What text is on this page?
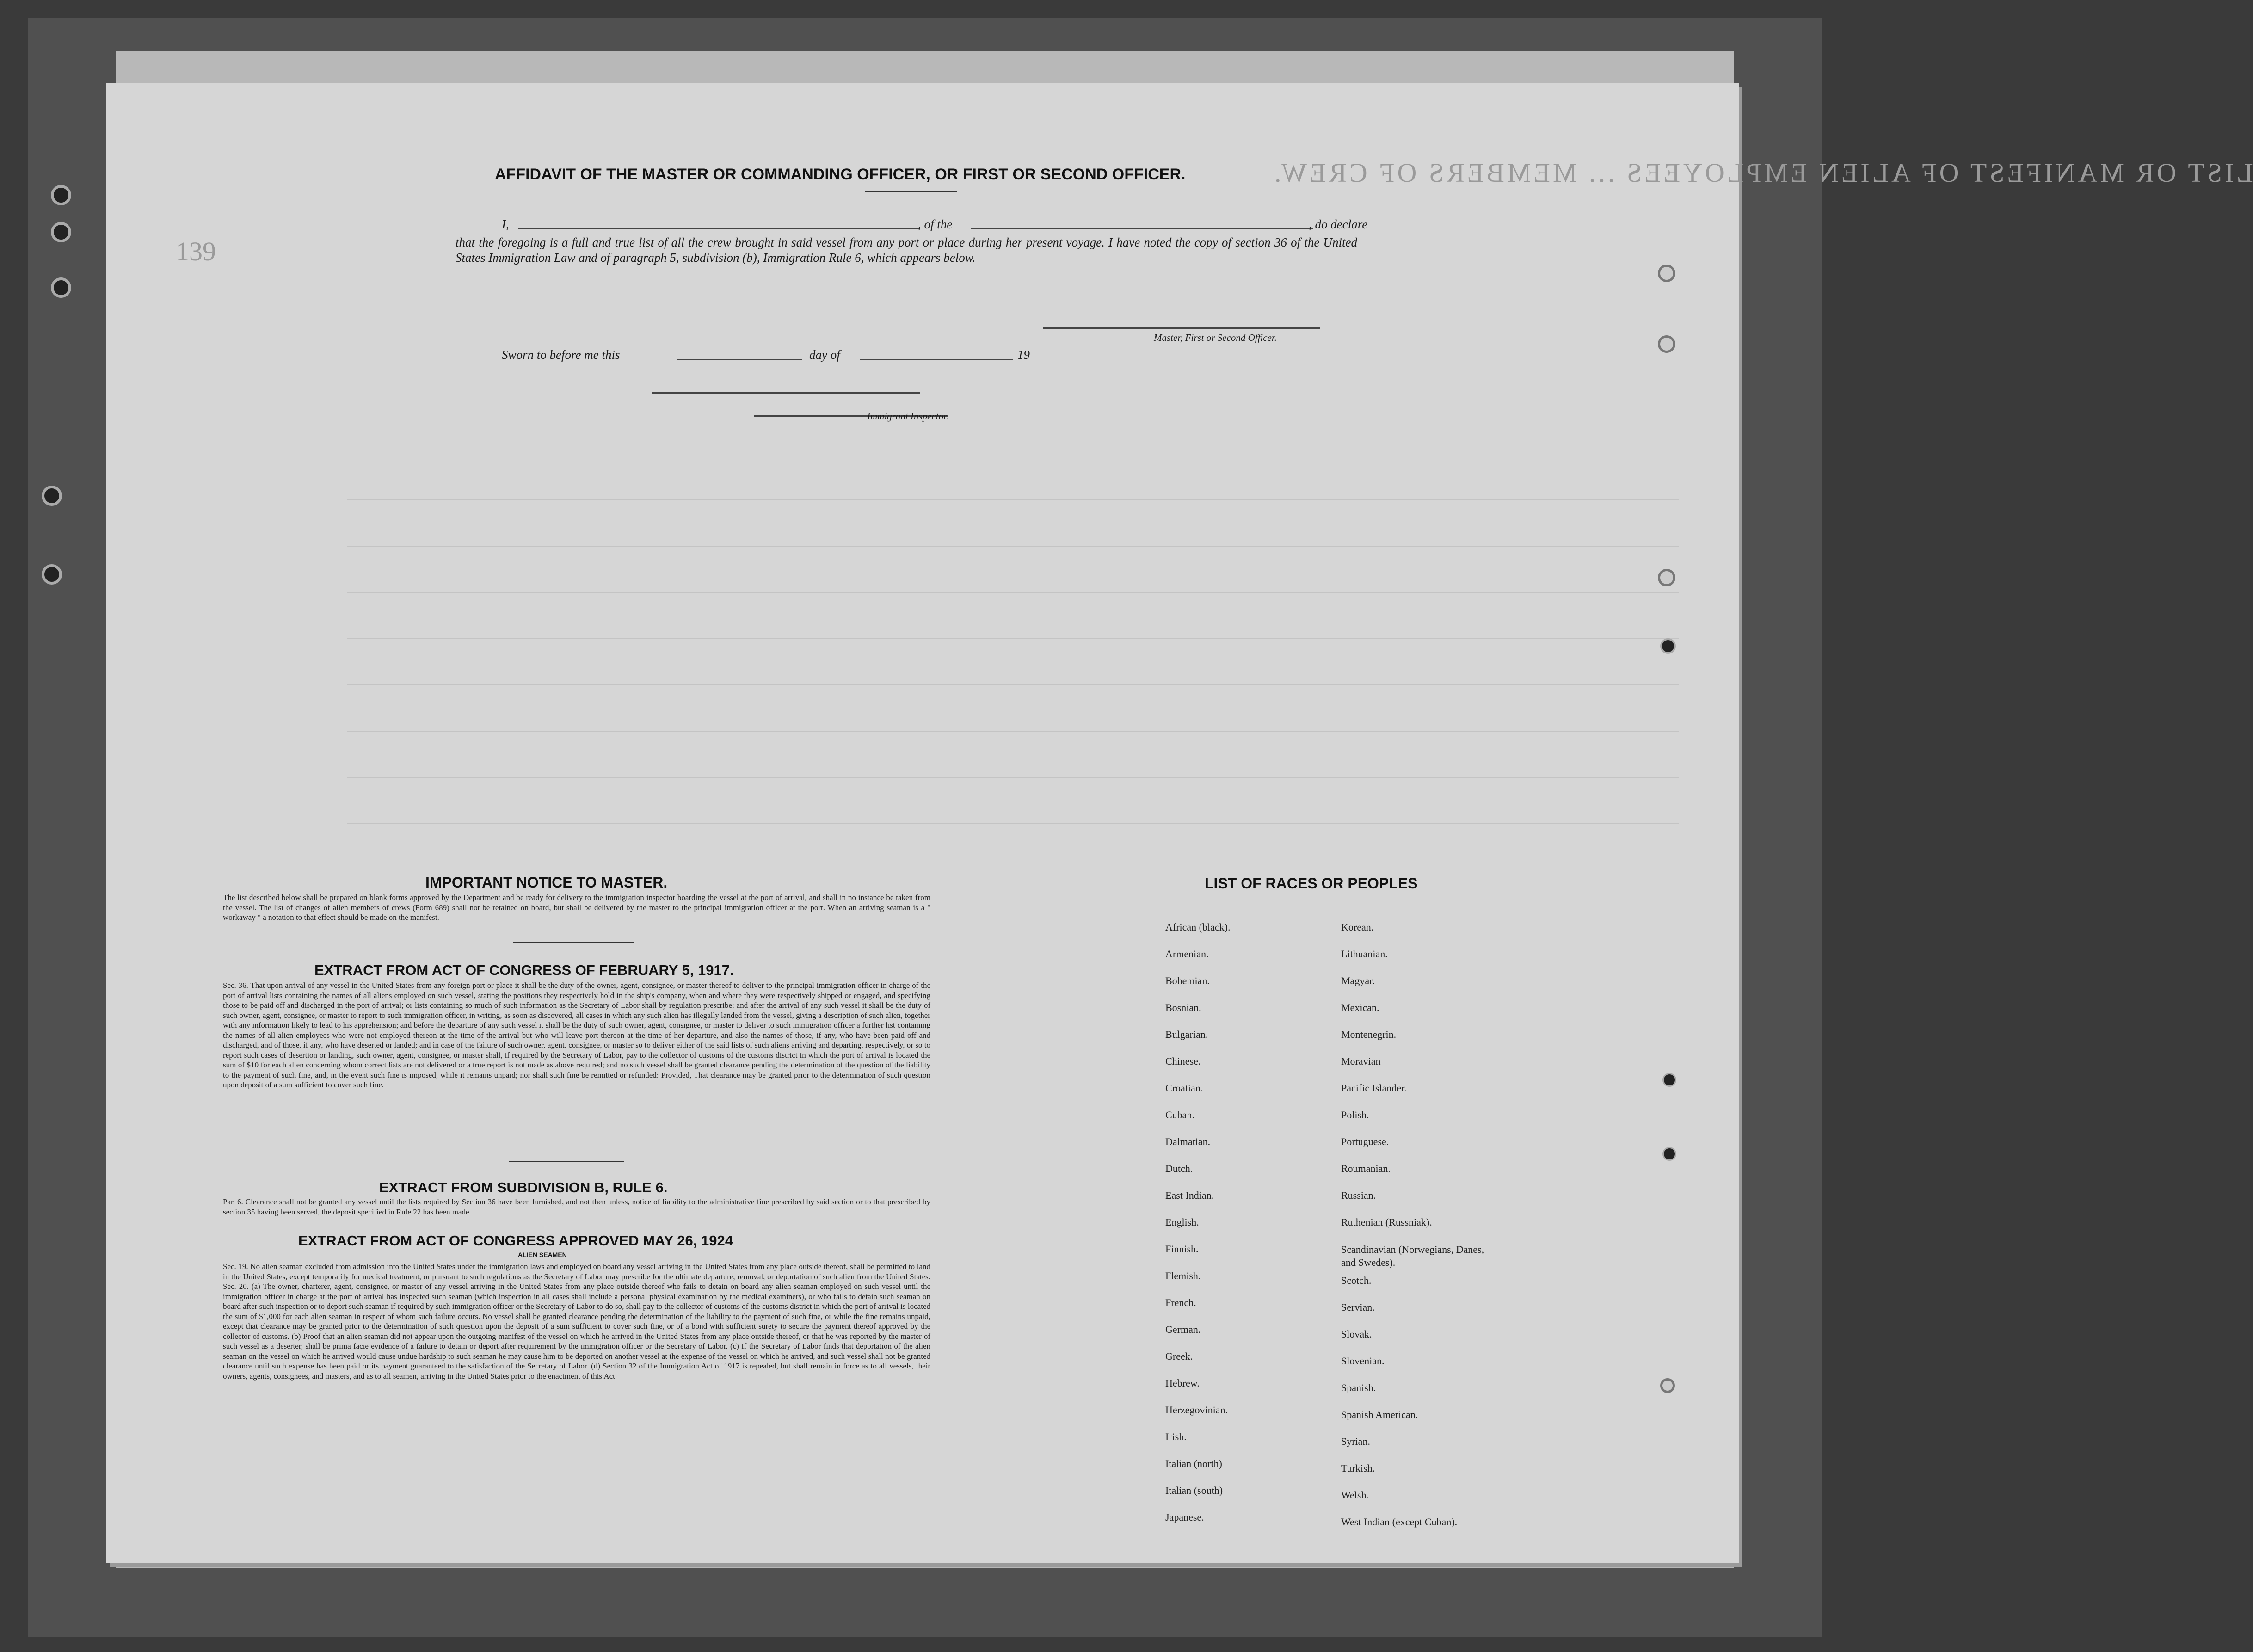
LIST OR MANIFEST OF ALIEN EMPLOYEES ... MEMBERS OF CREW.
139
AFFIDAVIT OF THE MASTER OR COMMANDING OFFICER, OR FIRST OR SECOND OFFICER.
I,	, of the	, do declare
that the foregoing is a full and true list of all the crew brought in said vessel from any port or place during her present voyage. I have noted the copy of section 36 of the United States Immigration Law and of paragraph 5, subdivision (b), Immigration Rule 6, which appears below.
Master, First or Second Officer.
Sworn to before me this	day of	19
Immigrant Inspector.
IMPORTANT NOTICE TO MASTER.
The list described below shall be prepared on blank forms approved by the Department and be ready for delivery to the immigration inspector boarding the vessel at the port of arrival, and shall in no instance be taken from the vessel. The list of changes of alien members of crews (Form 689) shall not be retained on board, but shall be delivered by the master to the principal immigration officer at the port. When an arriving seaman is a " workaway " a notation to that effect should be made on the manifest.
EXTRACT FROM ACT OF CONGRESS OF FEBRUARY 5, 1917.
Sec. 36. That upon arrival of any vessel in the United States from any foreign port or place it shall be the duty of the owner, agent, consignee, or master thereof to deliver to the principal immigration officer in charge of the port of arrival lists containing the names of all aliens employed on such vessel, stating the positions they respectively hold in the ship's company, when and where they were respectively shipped or engaged, and specifying those to be paid off and discharged in the port of arrival; or lists containing so much of such information as the Secretary of Labor shall by regulation prescribe; and after the arrival of any such vessel it shall be the duty of such owner, agent, consignee, or master to report to such immigration officer, in writing, as soon as discovered, all cases in which any such alien has illegally landed from the vessel, giving a description of such alien, together with any information likely to lead to his apprehension; and before the departure of any such vessel it shall be the duty of such owner, agent, consignee, or master to deliver to such immigration officer a further list containing the names of all alien employees who were not employed thereon at the time of the arrival but who will leave port thereon at the time of her departure, and also the names of those, if any, who have been paid off and discharged, and of those, if any, who have deserted or landed; and in case of the failure of such owner, agent, consignee, or master so to deliver either of the said lists of such aliens arriving and departing, respectively, or so to report such cases of desertion or landing, such owner, agent, consignee, or master shall, if required by the Secretary of Labor, pay to the collector of customs of the customs district in which the port of arrival is located the sum of $10 for each alien concerning whom correct lists are not delivered or a true report is not made as above required; and no such vessel shall be granted clearance pending the determination of the question of the liability to the payment of such fine, and, in the event such fine is imposed, while it remains unpaid; nor shall such fine be remitted or refunded: Provided, That clearance may be granted prior to the determination of such question upon deposit of a sum sufficient to cover such fine.
EXTRACT FROM SUBDIVISION B, RULE 6.
Par. 6. Clearance shall not be granted any vessel until the lists required by Section 36 have been furnished, and not then unless, notice of liability to the administrative fine prescribed by said section or to that prescribed by section 35 having been served, the deposit specified in Rule 22 has been made.
EXTRACT FROM ACT OF CONGRESS APPROVED MAY 26, 1924
ALIEN SEAMEN
Sec. 19. No alien seaman excluded from admission into the United States under the immigration laws and employed on board any vessel arriving in the United States from any place outside thereof, shall be permitted to land in the United States, except temporarily for medical treatment, or pursuant to such regulations as the Secretary of Labor may prescribe for the ultimate departure, removal, or deportation of such alien from the United States. Sec. 20. (a) The owner, charterer, agent, consignee, or master of any vessel arriving in the United States from any place outside thereof who fails to detain on board any alien seaman employed on such vessel until the immigration officer in charge at the port of arrival has inspected such seaman (which inspection in all cases shall include a personal physical examination by the medical examiners), or who fails to detain such seaman on board after such inspection or to deport such seaman if required by such immigration officer or the Secretary of Labor to do so, shall pay to the collector of customs of the customs district in which the port of arrival is located the sum of $1,000 for each alien seaman in respect of whom such failure occurs. No vessel shall be granted clearance pending the determination of the liability to the payment of such fine, or while the fine remains unpaid, except that clearance may be granted prior to the determination of such question upon the deposit of a sum sufficient to cover such fine, or of a bond with sufficient surety to secure the payment thereof approved by the collector of customs. (b) Proof that an alien seaman did not appear upon the outgoing manifest of the vessel on which he arrived in the United States from any place outside thereof, or that he was reported by the master of such vessel as a deserter, shall be prima facie evidence of a failure to detain or deport after requirement by the immigration officer or the Secretary of Labor. (c) If the Secretary of Labor finds that deportation of the alien seaman on the vessel on which he arrived would cause undue hardship to such seaman he may cause him to be deported on another vessel at the expense of the vessel on which he arrived, and such vessel shall not be granted clearance until such expense has been paid or its payment guaranteed to the satisfaction of the Secretary of Labor. (d) Section 32 of the Immigration Act of 1917 is repealed, but shall remain in force as to all vessels, their owners, agents, consignees, and masters, and as to all seamen, arriving in the United States prior to the enactment of this Act.
LIST OF RACES OR PEOPLES
African (black).
Armenian.
Bohemian.
Bosnian.
Bulgarian.
Chinese.
Croatian.
Cuban.
Dalmatian.
Dutch.
East Indian.
English.
Finnish.
Flemish.
French.
German.
Greek.
Hebrew.
Herzegovinian.
Irish.
Italian (north)
Italian (south)
Japanese.
Korean.
Lithuanian.
Magyar.
Mexican.
Montenegrin.
Moravian
Pacific Islander.
Polish.
Portuguese.
Roumanian.
Russian.
Ruthenian (Russniak).
Scandinavian (Norwegians, Danes, and Swedes).
Scotch.
Servian.
Slovak.
Slovenian.
Spanish.
Spanish American.
Syrian.
Turkish.
Welsh.
West Indian (except Cuban).
